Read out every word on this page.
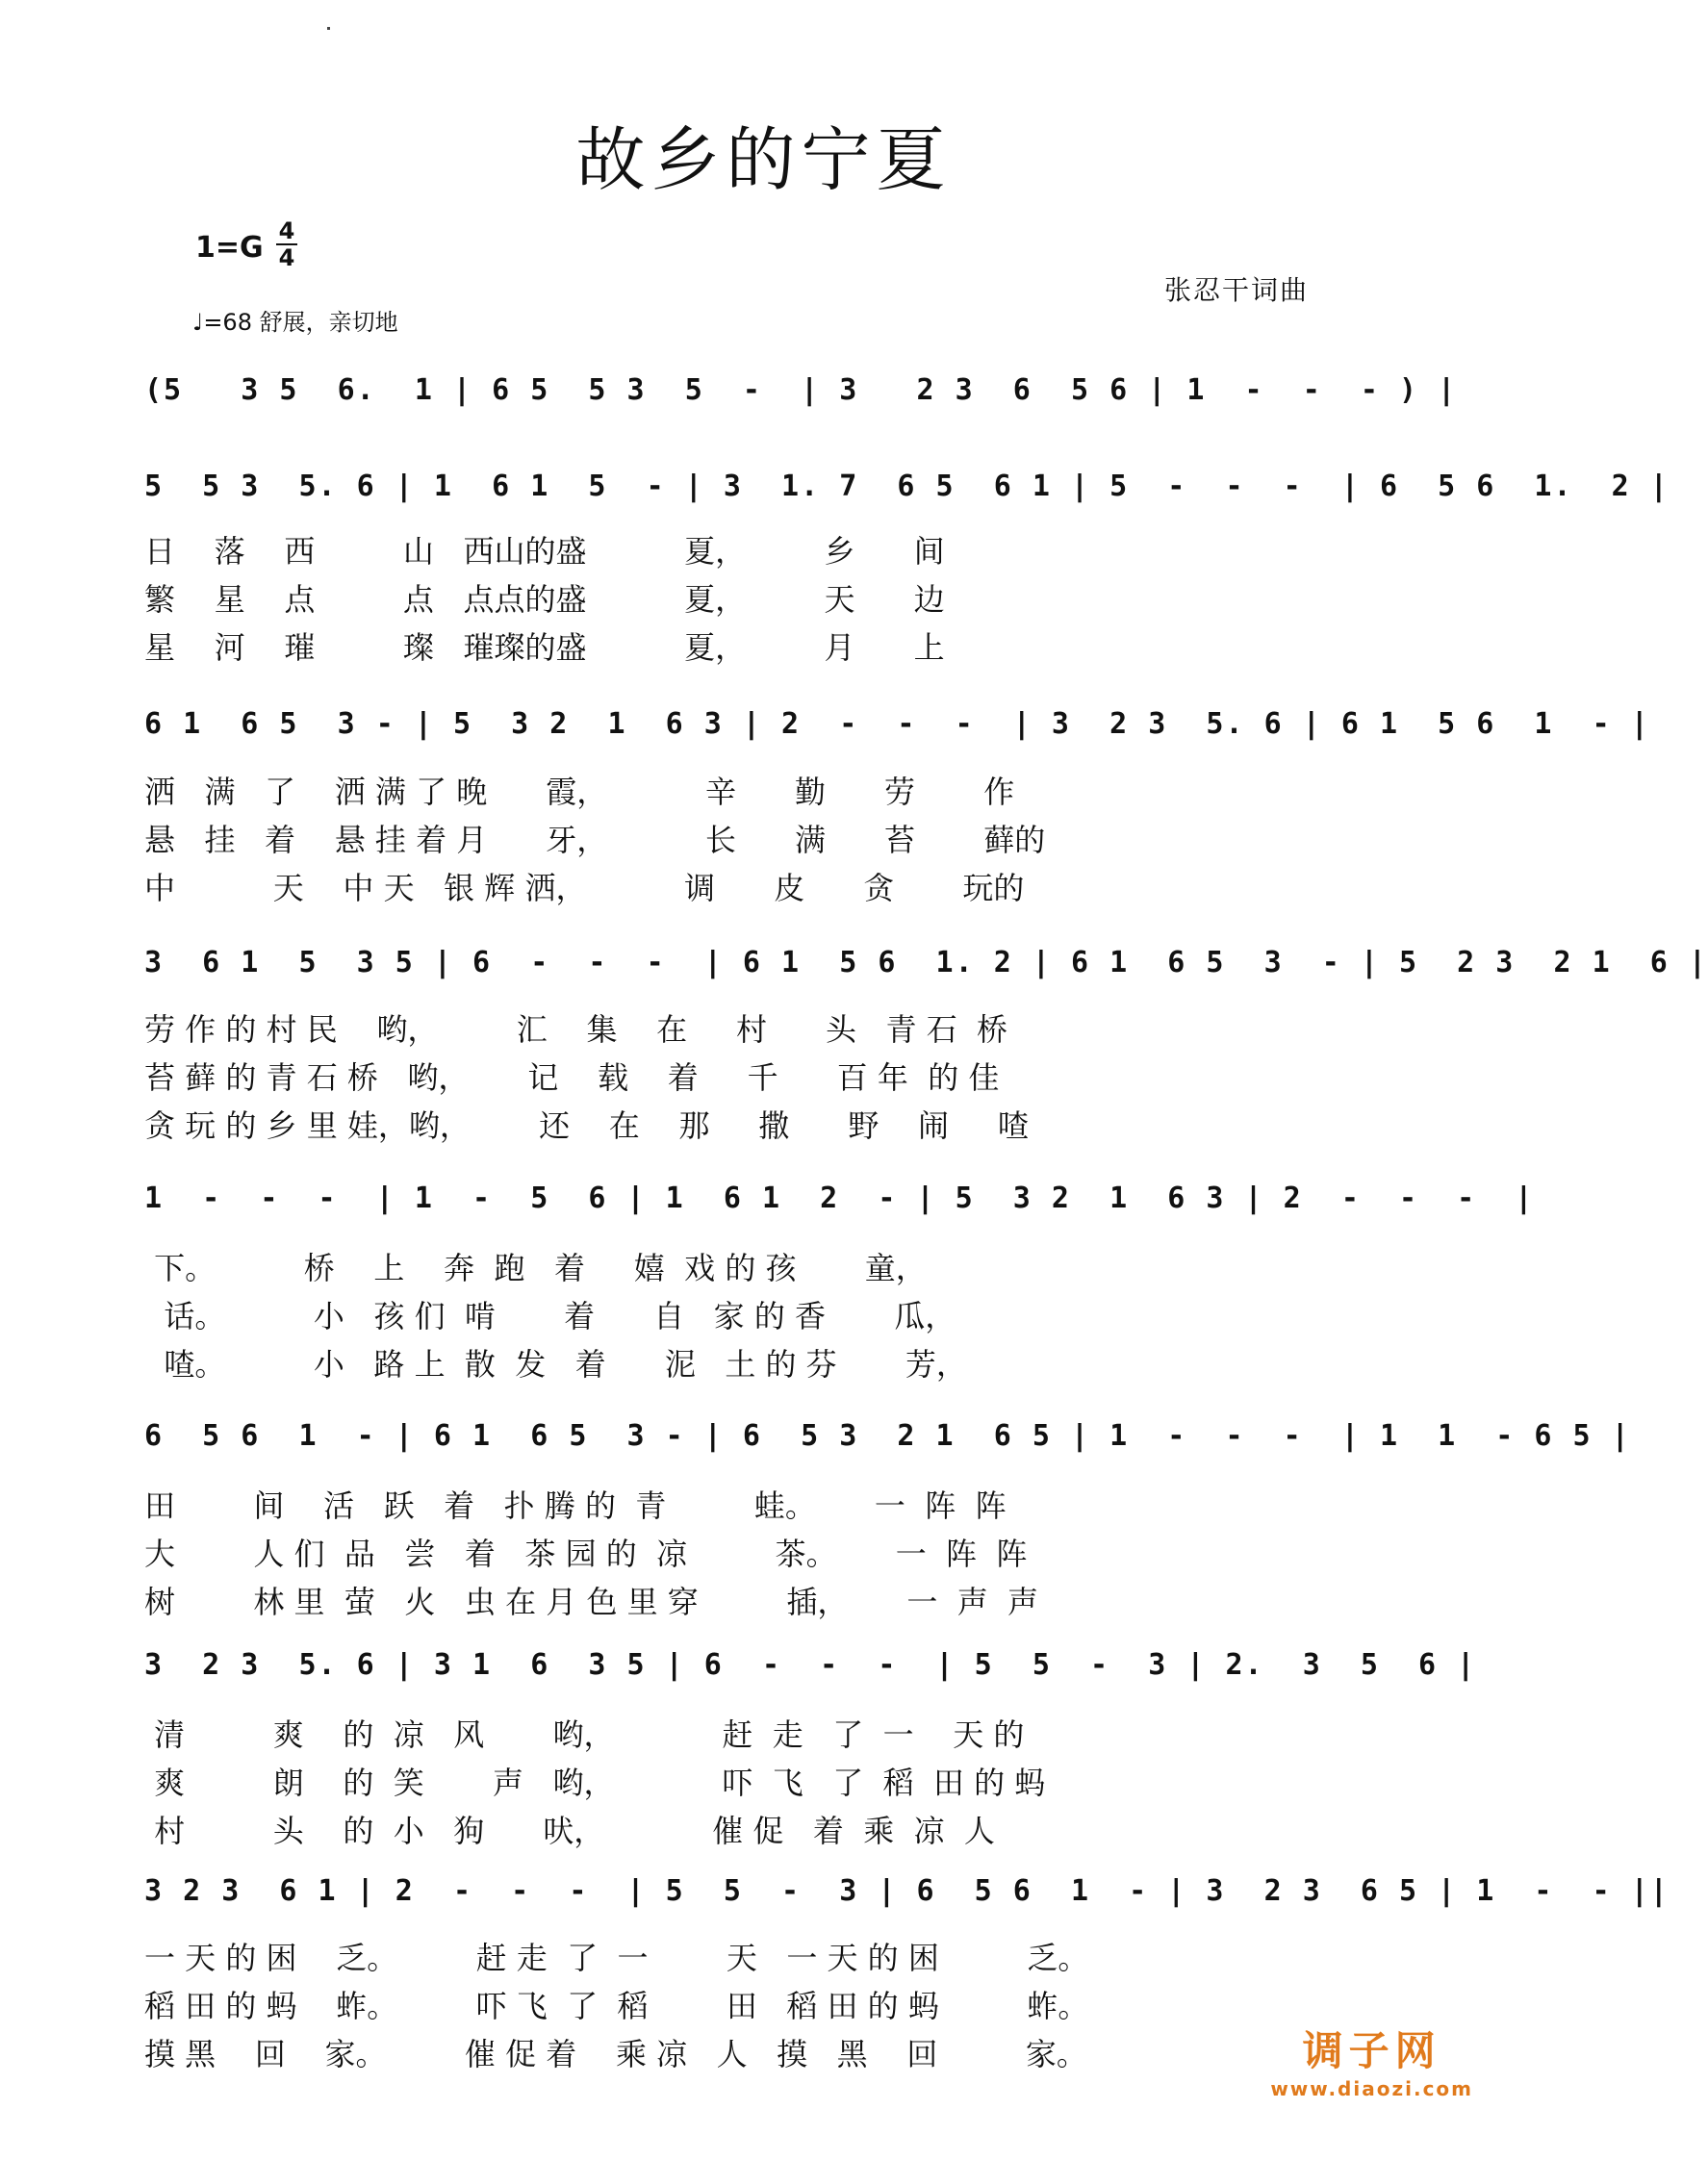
故乡的宁夏
1=G 4
4
♩=68 舒展，亲切地
张忍干词曲
(5   3 5  6.  1 | 6 5  5 3  5  -  | 3   2 3  6  5 6 | 1  -  -  - ) |
5  5 3  5. 6 | 1  6 1  5  - | 3  1. 7  6 5  6 1 | 5  -  -  -  | 6  5 6  1.  2 |
日    落    西         山   西山的盛          夏，        乡      间
繁    星    点         点   点点的盛          夏，        天      边
星    河    璀         璨   璀璨的盛          夏，        月      上
6 1  6 5  3 - | 5  3 2  1  6 3 | 2  -  -  -  | 3  2 3  5. 6 | 6 1  5 6  1  - |
洒   满   了    洒 满 了 晚      霞，          辛      勤      劳       作
悬   挂   着    悬 挂 着 月      牙，          长      满      苔       藓的
中          天    中 天   银 辉 洒，          调      皮      贪       玩的
3  6 1  5  3 5 | 6  -  -  -  | 6 1  5 6  1. 2 | 6 1  6 5  3  - | 5  2 3  2 1  6 |
劳 作 的 村 民    哟，        汇    集    在     村      头   青 石  桥
苔 藓 的 青 石 桥   哟，      记    载    着     千      百 年  的 佳
贪 玩 的 乡 里 娃，哟，       还    在    那     撒      野    闹     喳
1  -  -  -  | 1  -  5  6 | 1  6 1  2  - | 5  3 2  1  6 3 | 2  -  -  -  |
下。         桥    上    奔  跑   着     嬉  戏 的 孩       童，
话。         小   孩 们  啃       着      自   家 的 香       瓜，
喳。         小   路 上  散  发   着      泥   土 的 芬       芳，
6  5 6  1  - | 6 1  6 5  3 - | 6  5 3  2 1  6 5 | 1  -  -  -  | 1  1  - 6 5 |
田        间    活   跃   着   扑 腾 的  青         蛙。      一  阵  阵
大        人 们  品   尝   着   茶 园 的  凉         茶。      一  阵  阵
树        林 里  萤   火   虫 在 月 色 里 穿         插，      一  声  声
3  2 3  5. 6 | 3 1  6  3 5 | 6  -  -  -  | 5  5  -  3 | 2.  3  5  6 |
清         爽    的  凉   风       哟，           赶  走   了  一    天 的
爽         朗    的  笑       声   哟，           吓  飞   了  稻  田 的 蚂
村         头    的  小   狗      吠，           催 促   着  乘  凉  人
3 2 3  6 1 | 2  -  -  -  | 5  5  -  3 | 6  5 6  1  - | 3  2 3  6 5 | 1  -  - ||
一 天 的 困    乏。        赶 走  了  一        天   一 天 的 困         乏。
稻 田 的 蚂    蚱。        吓 飞  了  稻        田   稻 田 的 蚂         蚱。
摸 黑    回    家。        催 促 着    乘 凉   人   摸   黑    回         家。	调子网
www.diaozi.com
